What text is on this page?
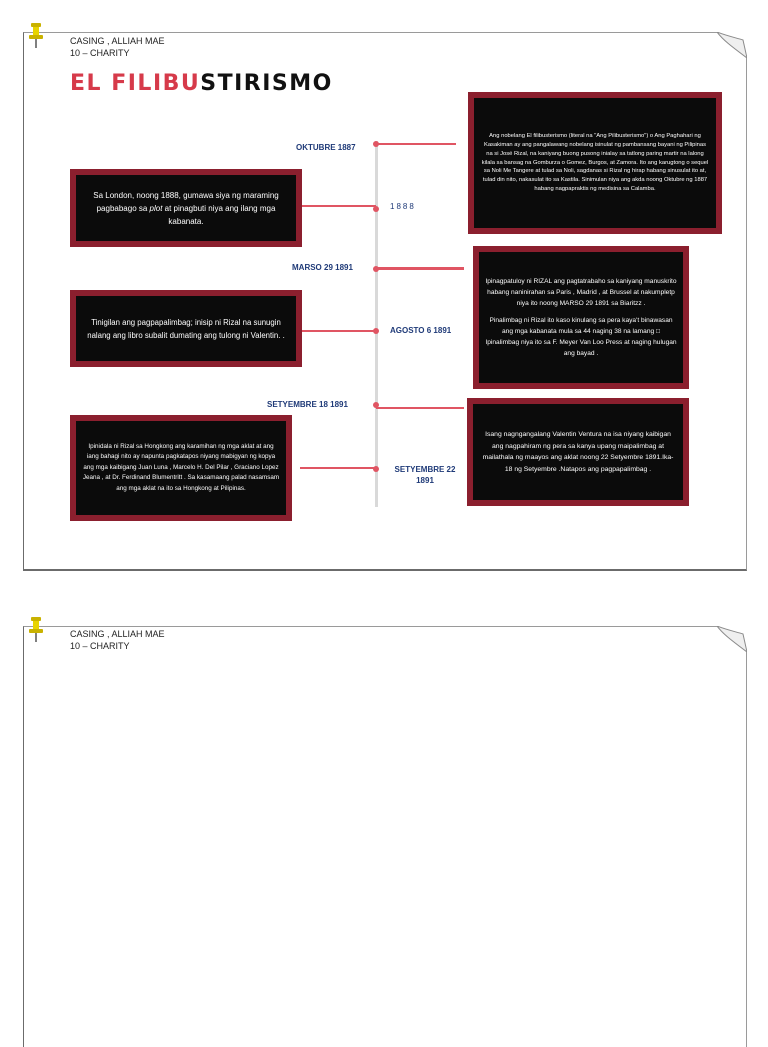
CASING , ALLIAH MAE
10 – CHARITY
EL FILIBUSTIRISMO
OKTUBRE 1887
1888
MARSO 29 1891
AGOSTO 6 1891
SETYEMBRE 18 1891
SETYEMBRE 22 1891

Ang nobelang El filibusterismo (literal na "Ang Pilibusterismo") o Ang Paghahari ng Kasakiman ay ang pangalawang nobelang isinulat ng pambansang bayani ng Pilipinas na si José Rizal, na kaniyang buong pusong inialay sa tatlong paring martir na lalong kilala sa bansag na Gomburza o Gomez, Burgos, at Zamora. Ito ang karugtong o sequel sa Noli Me Tangere at tulad sa Noli, sagdanas si Rizal ng hirap habang sinusulat ito at, tulad din nito, nakasulat ito sa Kastila. Sinimulan niya ang akda noong Oktubre ng 1887 habang nagpapraktis ng medisina sa Calamba.

Sa London, noong 1888, gumawa siya ng maraming pagbabago sa plot at pinagbuti niya ang ilang mga kabanata.

Ipinagpatuloy ni RIZAL ang pagtatrabaho sa kaniyang manuskrito habang naninirahan sa Paris , Madrid , at Brussel at nakumpletp niya ito noong MARSO 29 1891 sa Biaritzz .

Pinalimbag ni Rizal ito kaso kinulang sa pera kaya't binawasan ang mga kabanata mula sa 44 naging 38 na lamang □ Ipinalimbag niya ito sa F. Meyer Van Loo Press at naging hulugan ang bayad .

Tinigilan ang pagpapalimbag; inisip ni Rizal na sunugin nalang ang libro subalit dumating ang tulong ni Valentin. .

Isang nagngangalang Valentin Ventura na isa niyang kaibigan ang nagpahiram ng pera sa kanya upang maipalimbag at mailathala ng maayos ang aklat noong 22 Setyembre 1891.Ika-18 ng Setyembre .Natapos ang pagpapalimbag .

Ipinidala ni Rizal sa Hongkong ang karamihan ng mga aklat at ang iang bahagi nito ay napunta pagkatapos niyang mabigyan ng kopya ang mga kaibigang Juan Luna , Marcelo H. Del Pilar , Graciano Lopez Jeana , at Dr. Ferdinand Blumentritt . Sa kasamaang palad nasamsam ang mga aklat na ito sa Hongkong at Pilipinas.

CASING , ALLIAH MAE
10 – CHARITY
